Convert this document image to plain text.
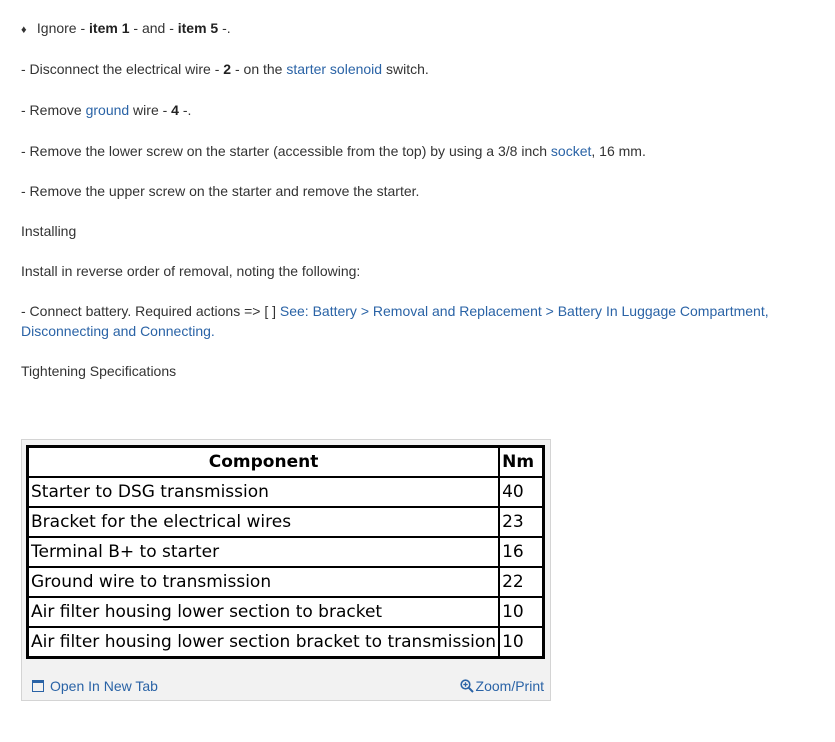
♦ Ignore - item 1 - and - item 5 -.
- Disconnect the electrical wire - 2 - on the starter solenoid switch.
- Remove ground wire - 4 -.
- Remove the lower screw on the starter (accessible from the top) by using a 3/8 inch socket, 16 mm.
- Remove the upper screw on the starter and remove the starter.
Installing
Install in reverse order of removal, noting the following:
- Connect battery. Required actions => [ ] See: Battery > Removal and Replacement > Battery In Luggage Compartment,
Disconnecting and Connecting.
Tightening Specifications
Component	Nm
Starter to DSG transmission	40
Bracket for the electrical wires	23
Terminal B+ to starter	16
Ground wire to transmission	22
Air filter housing lower section to bracket	10
Air filter housing lower section bracket to transmission	10
Open In New Tab	Zoom/Print
